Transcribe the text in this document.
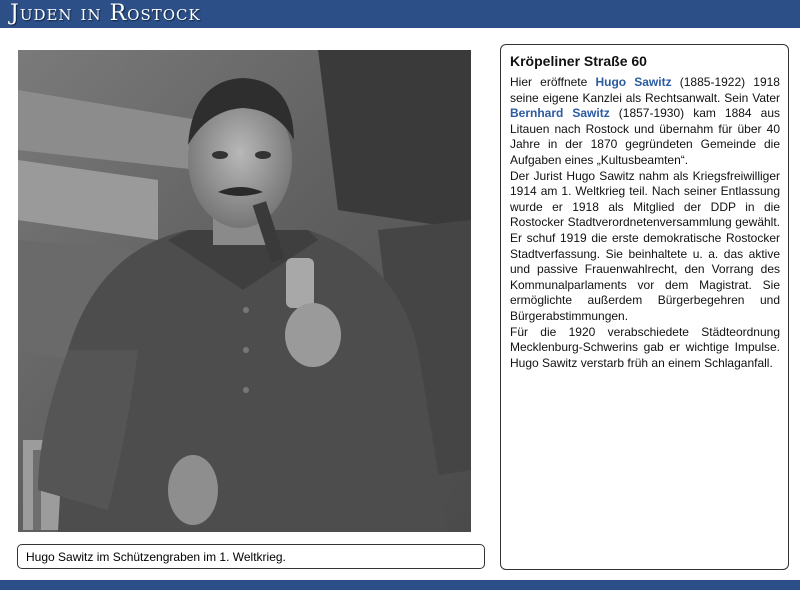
Juden in Rostock
Hugo Sawitz im Schützengraben im 1. Weltkrieg.
Kröpeliner Straße 60

Hier eröffnete Hugo Sawitz (1885-1922) 1918 seine eigene Kanzlei als Rechtsanwalt. Sein Vater Bernhard Sawitz (1857-1930) kam 1884 aus Litauen nach Rostock und übernahm für über 40 Jahre in der 1870 gegründeten Gemeinde die Aufgaben eines „Kultusbeamten“.

Der Jurist Hugo Sawitz nahm als Kriegsfreiwilliger 1914 am 1. Weltkrieg teil. Nach seiner Entlassung wurde er 1918 als Mitglied der DDP in die Rostocker Stadtverordnetenversammlung gewählt. Er schuf 1919 die erste demokratische Rostocker Stadtverfassung. Sie beinhaltete u. a. das aktive und passive Frauenwahlrecht, den Vorrang des Kommunalparlaments vor dem Magistrat. Sie ermöglichte außerdem Bürgerbegehren und Bürgerabstimmungen.

Für die 1920 verabschiedete Städteordnung Mecklenburg-Schwerins gab er wichtige Impulse. Hugo Sawitz verstarb früh an einem Schlaganfall.
